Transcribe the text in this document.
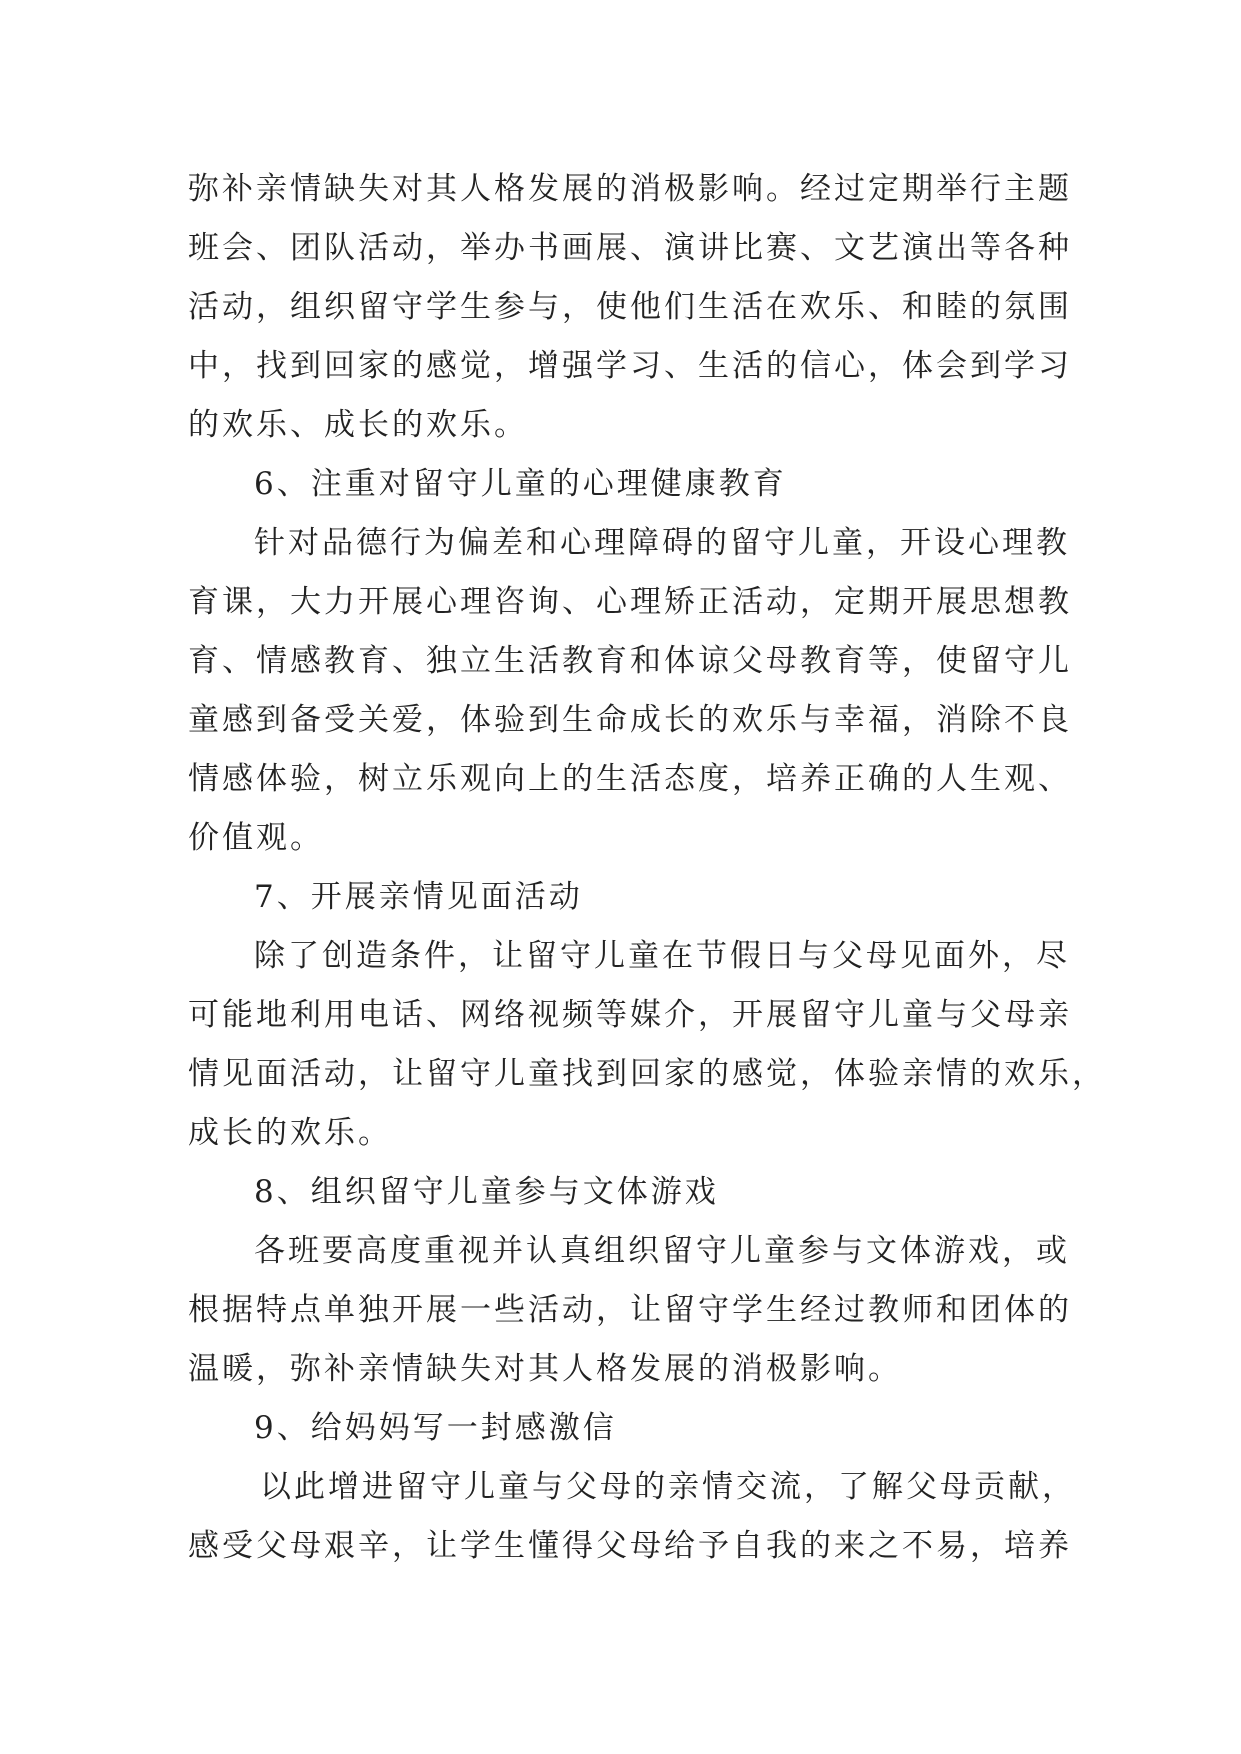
弥补亲情缺失对其人格发展的消极影响。经过定期举行主题
班会、团队活动，举办书画展、演讲比赛、文艺演出等各种
活动，组织留守学生参与，使他们生活在欢乐、和睦的氛围
中，找到回家的感觉，增强学习、生活的信心，体会到学习
的欢乐、成长的欢乐。
6、注重对留守儿童的心理健康教育
针对品德行为偏差和心理障碍的留守儿童，开设心理教
育课，大力开展心理咨询、心理矫正活动，定期开展思想教
育、情感教育、独立生活教育和体谅父母教育等，使留守儿
童感到备受关爱，体验到生命成长的欢乐与幸福，消除不良
情感体验，树立乐观向上的生活态度，培养正确的人生观、
价值观。
7、开展亲情见面活动
除了创造条件，让留守儿童在节假日与父母见面外，尽
可能地利用电话、网络视频等媒介，开展留守儿童与父母亲
情见面活动，让留守儿童找到回家的感觉，体验亲情的欢乐，
成长的欢乐。
8、组织留守儿童参与文体游戏
各班要高度重视并认真组织留守儿童参与文体游戏，或
根据特点单独开展一些活动，让留守学生经过教师和团体的
温暖，弥补亲情缺失对其人格发展的消极影响。
9、给妈妈写一封感激信
以此增进留守儿童与父母的亲情交流，了解父母贡献，
感受父母艰辛，让学生懂得父母给予自我的来之不易，培养
